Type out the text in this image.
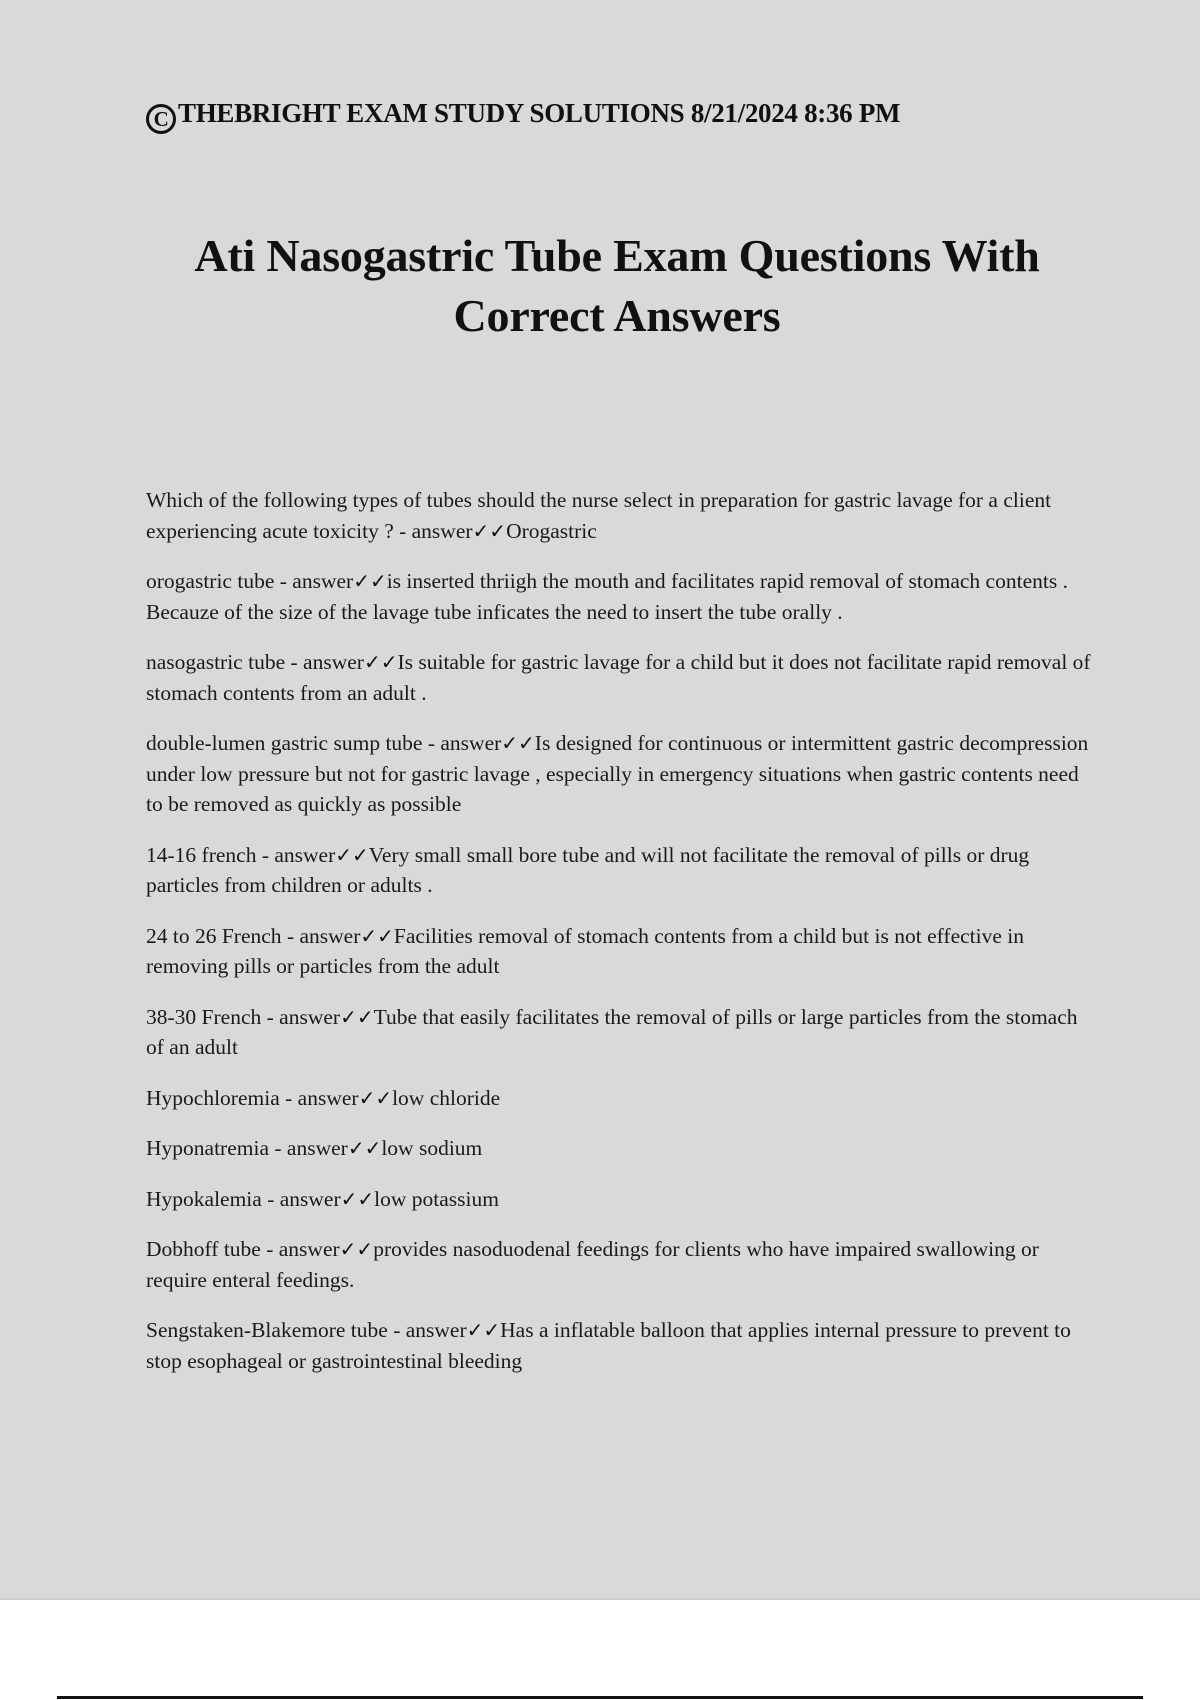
C THEBRIGHT EXAM STUDY SOLUTIONS 8/21/2024 8:36 PM
Ati Nasogastric Tube Exam Questions With
Correct Answers

Which of the following types of tubes should the nurse select in preparation for gastric lavage for a client experiencing acute toxicity ? - answer✓✓Orogastric

orogastric tube - answer✓✓is inserted thriigh the mouth and facilitates rapid removal of stomach contents . Becauze of the size of the lavage tube inficates the need to insert the tube orally .

nasogastric tube - answer✓✓Is suitable for gastric lavage for a child but it does not facilitate rapid removal of stomach contents from an adult .

double-lumen gastric sump tube - answer✓✓Is designed for continuous or intermittent gastric decompression under low pressure but not for gastric lavage , especially in emergency situations when gastric contents need to be removed as quickly as possible

14-16 french - answer✓✓Very small small bore tube and will not facilitate the removal of pills or drug particles from children or adults .

24 to 26 French - answer✓✓Facilities removal of stomach contents from a child but is not effective in removing pills or particles from the adult

38-30 French - answer✓✓Tube that easily facilitates the removal of pills or large particles from the stomach of an adult

Hypochloremia - answer✓✓low chloride

Hyponatremia - answer✓✓low sodium

Hypokalemia - answer✓✓low potassium

Dobhoff tube - answer✓✓provides nasoduodenal feedings for clients who have impaired swallowing or require enteral feedings.

Sengstaken-Blakemore tube - answer✓✓Has a inflatable balloon that applies internal pressure to prevent to stop esophageal or gastrointestinal bleeding
